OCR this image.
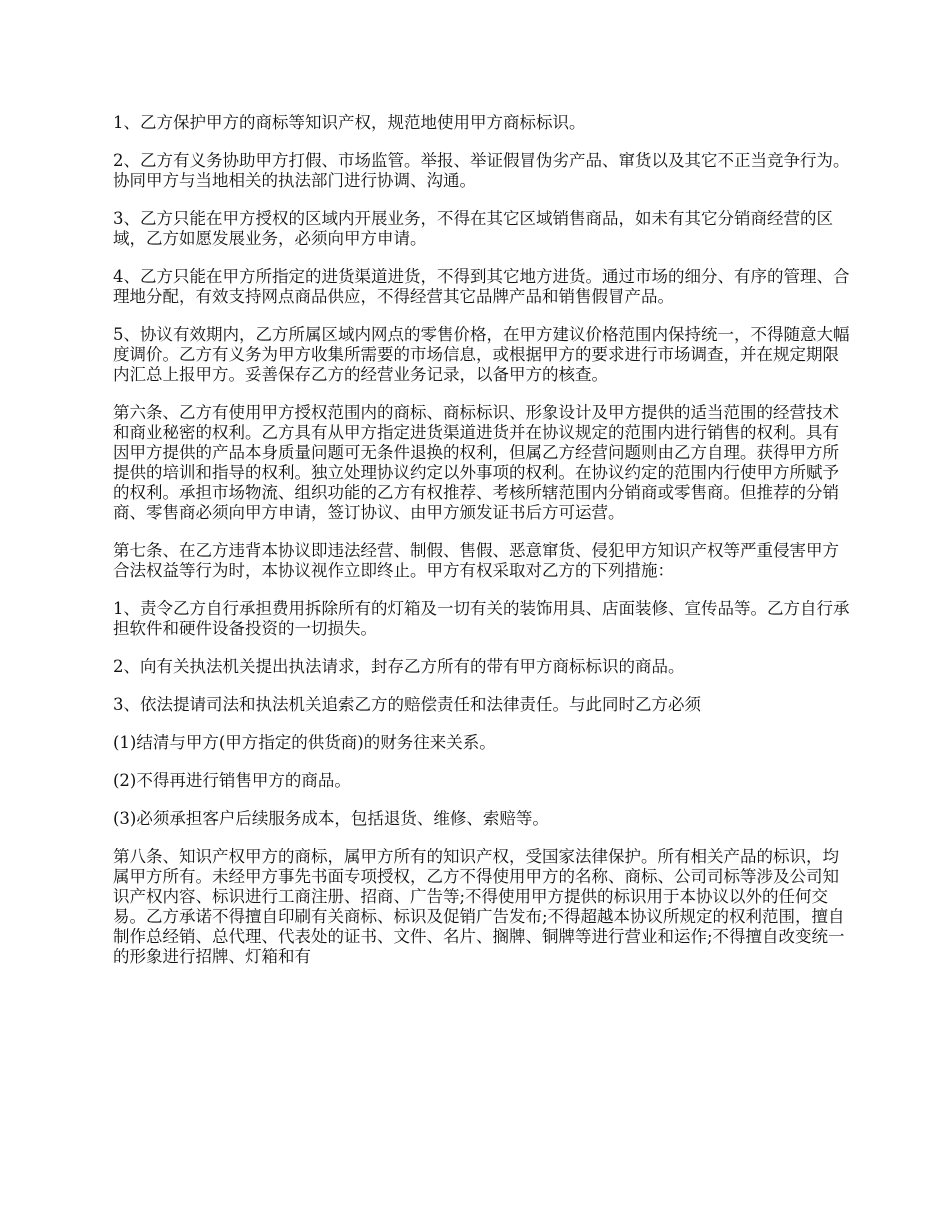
1、乙方保护甲方的商标等知识产权，规范地使用甲方商标标识。

2、乙方有义务协助甲方打假、市场监管。举报、举证假冒伪劣产品、窜货以及其它不正当竞争行为。协同甲方与当地相关的执法部门进行协调、沟通。

3、乙方只能在甲方授权的区域内开展业务，不得在其它区域销售商品，如未有其它分销商经营的区域，乙方如愿发展业务，必须向甲方申请。

4、乙方只能在甲方所指定的进货渠道进货，不得到其它地方进货。通过市场的细分、有序的管理、合理地分配，有效支持网点商品供应，不得经营其它品牌产品和销售假冒产品。

5、协议有效期内，乙方所属区域内网点的零售价格，在甲方建议价格范围内保持统一，不得随意大幅度调价。乙方有义务为甲方收集所需要的市场信息，或根据甲方的要求进行市场调查，并在规定期限内汇总上报甲方。妥善保存乙方的经营业务记录，以备甲方的核查。

第六条、乙方有使用甲方授权范围内的商标、商标标识、形象设计及甲方提供的适当范围的经营技术和商业秘密的权利。乙方具有从甲方指定进货渠道进货并在协议规定的范围内进行销售的权利。具有因甲方提供的产品本身质量问题可无条件退换的权利，但属乙方经营问题则由乙方自理。获得甲方所提供的培训和指导的权利。独立处理协议约定以外事项的权利。在协议约定的范围内行使甲方所赋予的权利。承担市场物流、组织功能的乙方有权推荐、考核所辖范围内分销商或零售商。但推荐的分销商、零售商必须向甲方申请，签订协议、由甲方颁发证书后方可运营。

第七条、在乙方违背本协议即违法经营、制假、售假、恶意窜货、侵犯甲方知识产权等严重侵害甲方合法权益等行为时，本协议视作立即终止。甲方有权采取对乙方的下列措施：

1、责令乙方自行承担费用拆除所有的灯箱及一切有关的装饰用具、店面装修、宣传品等。乙方自行承担软件和硬件设备投资的一切损失。

2、向有关执法机关提出执法请求，封存乙方所有的带有甲方商标标识的商品。

3、依法提请司法和执法机关追索乙方的赔偿责任和法律责任。与此同时乙方必须

(1)结清与甲方(甲方指定的供货商)的财务往来关系。

(2)不得再进行销售甲方的商品。

(3)必须承担客户后续服务成本，包括退货、维修、索赔等。

第八条、知识产权甲方的商标，属甲方所有的知识产权，受国家法律保护。所有相关产品的标识，均属甲方所有。未经甲方事先书面专项授权，乙方不得使用甲方的名称、商标、公司司标等涉及公司知识产权内容、标识进行工商注册、招商、广告等;不得使用甲方提供的标识用于本协议以外的任何交易。乙方承诺不得擅自印刷有关商标、标识及促销广告发布;不得超越本协议所规定的权利范围，擅自制作总经销、总代理、代表处的证书、文件、名片、搁牌、铜牌等进行营业和运作;不得擅自改变统一的形象进行招牌、灯箱和有
